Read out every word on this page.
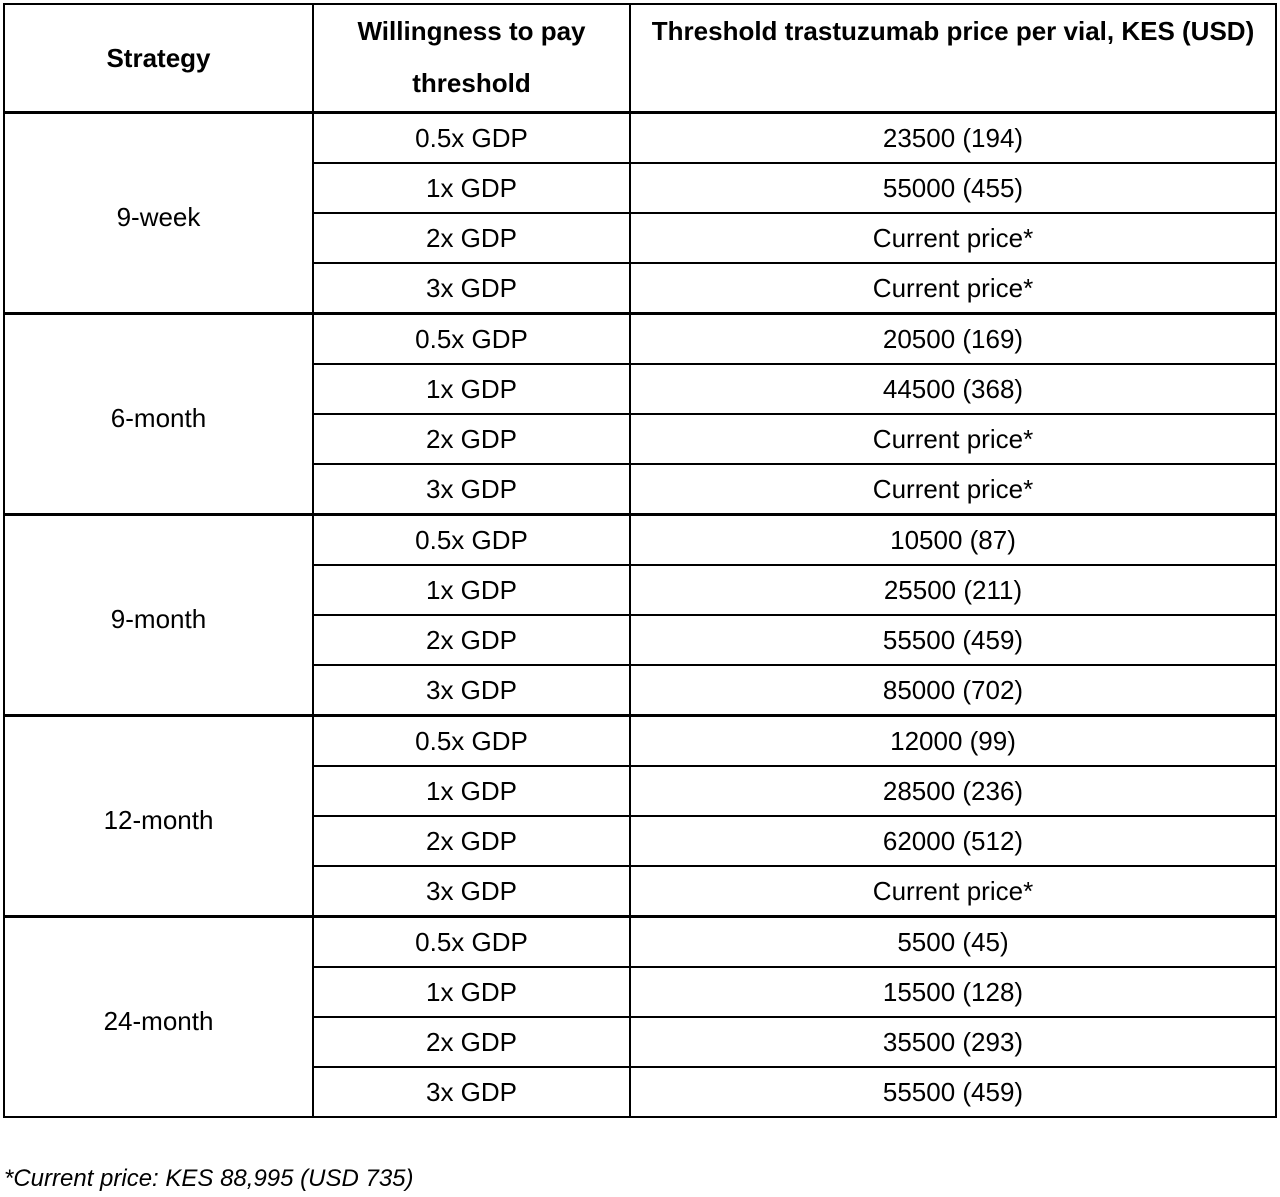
Strategy	Willingness to pay threshold	Threshold trastuzumab price per vial, KES (USD)
9-week	0.5x GDP	23500 (194)
	1x GDP	55000 (455)
	2x GDP	Current price*
	3x GDP	Current price*
6-month	0.5x GDP	20500 (169)
	1x GDP	44500 (368)
	2x GDP	Current price*
	3x GDP	Current price*
9-month	0.5x GDP	10500 (87)
	1x GDP	25500 (211)
	2x GDP	55500 (459)
	3x GDP	85000 (702)
12-month	0.5x GDP	12000 (99)
	1x GDP	28500 (236)
	2x GDP	62000 (512)
	3x GDP	Current price*
24-month	0.5x GDP	5500 (45)
	1x GDP	15500 (128)
	2x GDP	35500 (293)
	3x GDP	55500 (459)
*Current price: KES 88,995 (USD 735)
